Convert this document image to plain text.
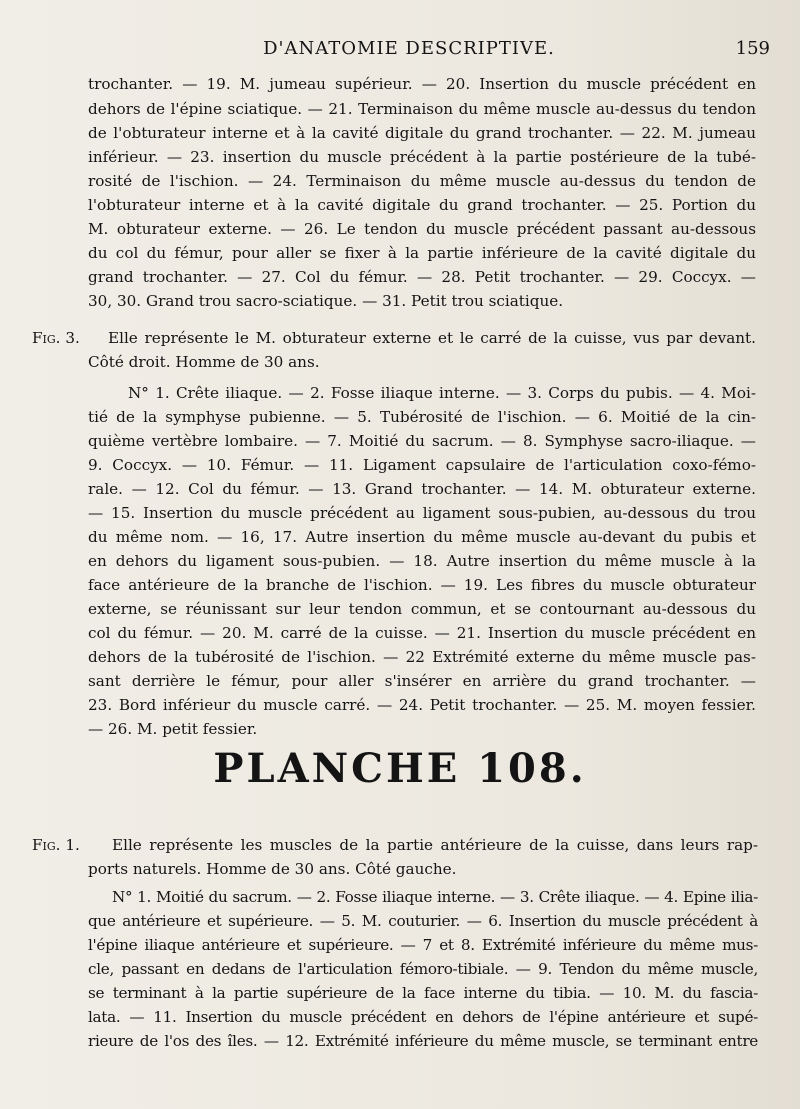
D'ANATOMIE DESCRIPTIVE.	159
trochanter. — 19. M. jumeau supérieur. — 20. Insertion du muscle précédent en
dehors de l'épine sciatique. — 21. Terminaison du même muscle au-dessus du tendon
de l'obturateur interne et à la cavité digitale du grand trochanter. — 22. M. jumeau
inférieur. — 23. insertion du muscle précédent à la partie postérieure de la tubé-
rosité de l'ischion. — 24. Terminaison du même muscle au-dessus du tendon de
l'obturateur interne et à la cavité digitale du grand trochanter. — 25. Portion du
M. obturateur externe. — 26. Le tendon du muscle précédent passant au-dessous
du col du fémur, pour aller se fixer à la partie inférieure de la cavité digitale du
grand trochanter. — 27. Col du fémur. — 28. Petit trochanter. — 29. Coccyx. —
30, 30. Grand trou sacro-sciatique. — 31. Petit trou sciatique.
Fig. 3.	Elle représente le M. obturateur externe et le carré de la cuisse, vus par devant.
Côté droit. Homme de 30 ans.
N° 1. Crête iliaque. — 2. Fosse iliaque interne. — 3. Corps du pubis. — 4. Moi-
tié de la symphyse pubienne. — 5. Tubérosité de l'ischion. — 6. Moitié de la cin-
quième vertèbre lombaire. — 7. Moitié du sacrum. — 8. Symphyse sacro-iliaque. —
9. Coccyx. — 10. Fémur. — 11. Ligament capsulaire de l'articulation coxo-fémo-
rale. — 12. Col du fémur. — 13. Grand trochanter. — 14. M. obturateur externe.
— 15. Insertion du muscle précédent au ligament sous-pubien, au-dessous du trou
du même nom. — 16, 17. Autre insertion du même muscle au-devant du pubis et
en dehors du ligament sous-pubien. — 18. Autre insertion du même muscle à la
face antérieure de la branche de l'ischion. — 19. Les fibres du muscle obturateur
externe, se réunissant sur leur tendon commun, et se contournant au-dessous du
col du fémur. — 20. M. carré de la cuisse. — 21. Insertion du muscle précédent en
dehors de la tubérosité de l'ischion. — 22 Extrémité externe du même muscle pas-
sant derrière le fémur, pour aller s'insérer en arrière du grand trochanter. —
23. Bord inférieur du muscle carré. — 24. Petit trochanter. — 25. M. moyen fessier.
— 26. M. petit fessier.
PLANCHE 108.
Fig. 1.	Elle représente les muscles de la partie antérieure de la cuisse, dans leurs rap-
ports naturels. Homme de 30 ans. Côté gauche.
N° 1. Moitié du sacrum. — 2. Fosse iliaque interne. — 3. Crête iliaque. — 4. Epine ilia-
que antérieure et supérieure. — 5. M. couturier. — 6. Insertion du muscle précédent à
l'épine iliaque antérieure et supérieure. — 7 et 8. Extrémité inférieure du même mus-
cle, passant en dedans de l'articulation fémoro-tibiale. — 9. Tendon du même muscle,
se terminant à la partie supérieure de la face interne du tibia. — 10. M. du fascia-
lata. — 11. Insertion du muscle précédent en dehors de l'épine antérieure et supé-
rieure de l'os des îles. — 12. Extrémité inférieure du même muscle, se terminant entre
